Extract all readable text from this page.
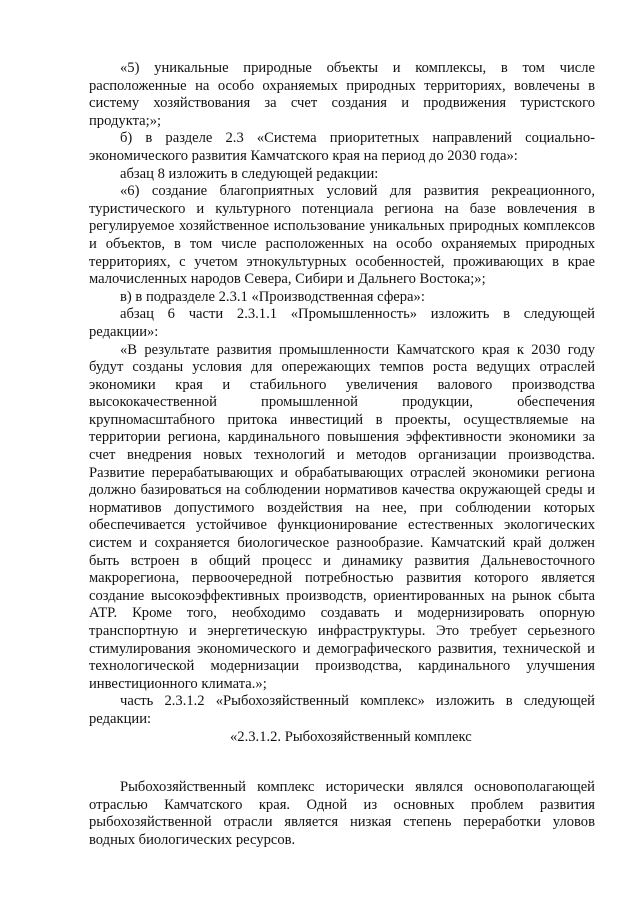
«5) уникальные природные объекты и комплексы, в том числе расположенные на особо охраняемых природных территориях, вовлечены в систему хозяйствования за счет создания и продвижения туристского продукта;»;

б) в разделе 2.3 «Система приоритетных направлений социально-экономического развития Камчатского края на период до 2030 года»:

абзац 8 изложить в следующей редакции:

«6) создание благоприятных условий для развития рекреационного, туристического и культурного потенциала региона на базе вовлечения в регулируемое хозяйственное использование уникальных природных комплексов и объектов, в том числе расположенных на особо охраняемых природных территориях, с учетом этнокультурных особенностей, проживающих в крае малочисленных народов Севера, Сибири и Дальнего Востока;»;

в) в подразделе 2.3.1 «Производственная сфера»:

абзац 6 части 2.3.1.1 «Промышленность» изложить в следующей редакции»:

«В результате развития промышленности Камчатского края к 2030 году будут созданы условия для опережающих темпов роста ведущих отраслей экономики края и стабильного увеличения валового производства высококачественной промышленной продукции, обеспечения крупномасштабного притока инвестиций в проекты, осуществляемые на территории региона, кардинального повышения эффективности экономики за счет внедрения новых технологий и методов организации производства. Развитие перерабатывающих и обрабатывающих отраслей экономики региона должно базироваться на соблюдении нормативов качества окружающей среды и нормативов допустимого воздействия на нее, при соблюдении которых обеспечивается устойчивое функционирование естественных экологических систем и сохраняется биологическое разнообразие. Камчатский край должен быть встроен в общий процесс и динамику развития Дальневосточного макрорегиона, первоочередной потребностью развития которого является создание высокоэффективных производств, ориентированных на рынок сбыта АТР. Кроме того, необходимо создавать и модернизировать опорную транспортную и энергетическую инфраструктуры. Это требует серьезного стимулирования экономического и демографического развития, технической и технологической модернизации производства, кардинального улучшения инвестиционного климата.»;

часть 2.3.1.2 «Рыбохозяйственный комплекс» изложить в следующей редакции:

«2.3.1.2. Рыбохозяйственный комплекс

Рыбохозяйственный комплекс исторически являлся основополагающей отраслью Камчатского края. Одной из основных проблем развития рыбохозяйственной отрасли является низкая степень переработки уловов водных биологических ресурсов.
